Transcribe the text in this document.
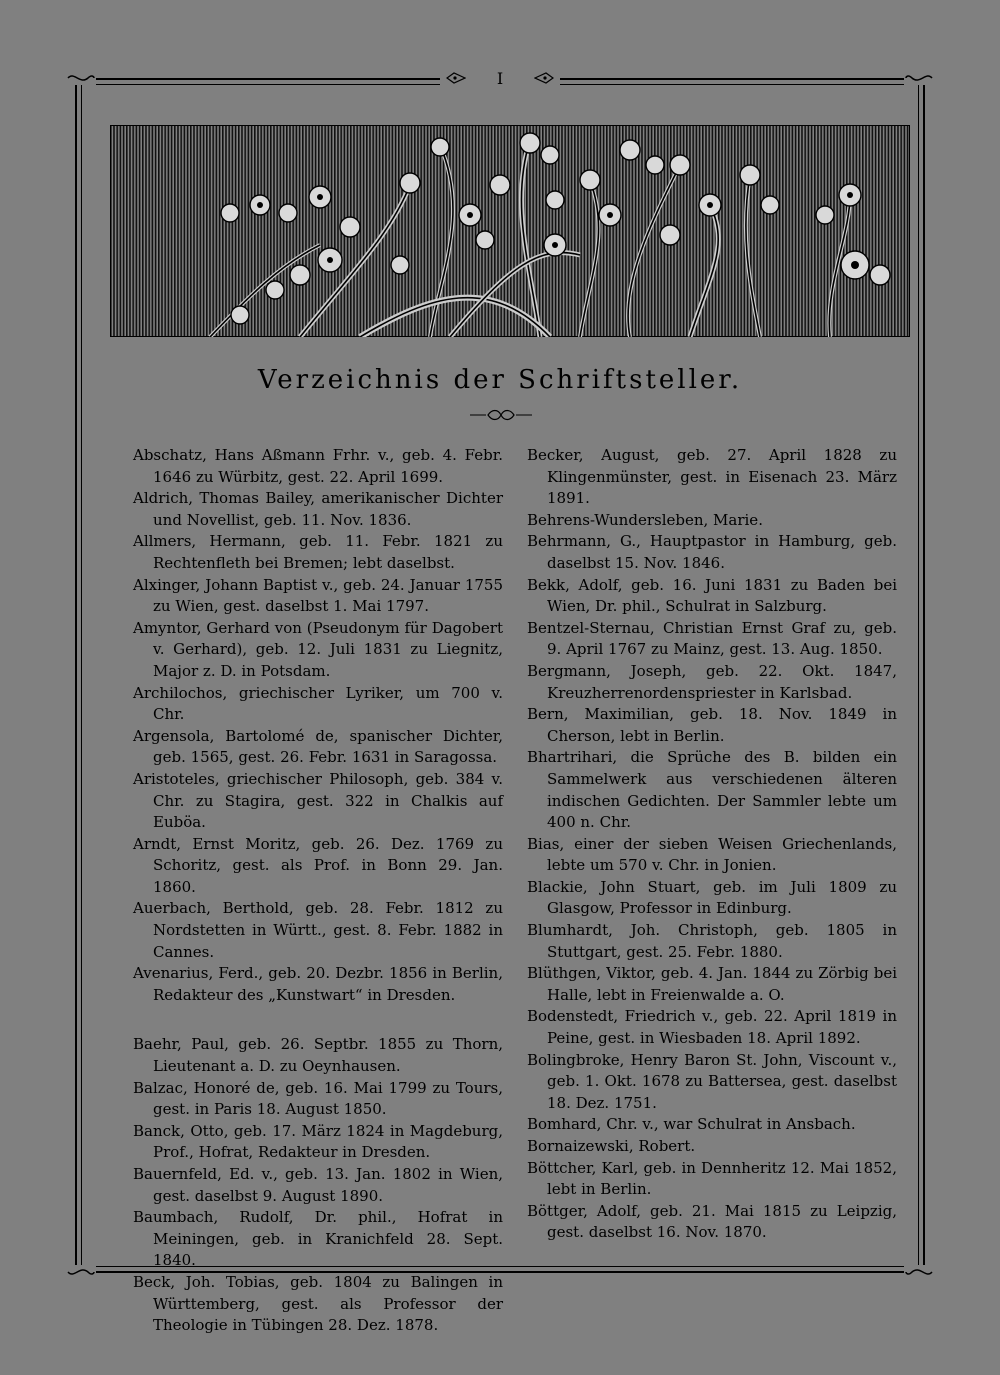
I
Verzeichnis der Schriftsteller.

Abschatz, Hans Aßmann Frhr. v., geb. 4. Febr. 1646 zu Würbitz, gest. 22. April 1699.

Aldrich, Thomas Bailey, amerikanischer Dichter und Novellist, geb. 11. Nov. 1836.

Allmers, Hermann, geb. 11. Febr. 1821 zu Rechtenfleth bei Bremen; lebt daselbst.

Alxinger, Johann Baptist v., geb. 24. Januar 1755 zu Wien, gest. daselbst 1. Mai 1797.

Amyntor, Gerhard von (Pseudonym für Dagobert v. Gerhard), geb. 12. Juli 1831 zu Liegnitz, Major z. D. in Potsdam.

Archilochos, griechischer Lyriker, um 700 v. Chr.

Argensola, Bartolomé de, spanischer Dichter, geb. 1565, gest. 26. Febr. 1631 in Saragossa.

Aristoteles, griechischer Philosoph, geb. 384 v. Chr. zu Stagira, gest. 322 in Chalkis auf Euböa.

Arndt, Ernst Moritz, geb. 26. Dez. 1769 zu Schoritz, gest. als Prof. in Bonn 29. Jan. 1860.

Auerbach, Berthold, geb. 28. Febr. 1812 zu Nordstetten in Württ., gest. 8. Febr. 1882 in Cannes.

Avenarius, Ferd., geb. 20. Dezbr. 1856 in Berlin, Redakteur des „Kunstwart“ in Dresden.

Baehr, Paul, geb. 26. Septbr. 1855 zu Thorn, Lieutenant a. D. zu Oeynhausen.

Balzac, Honoré de, geb. 16. Mai 1799 zu Tours, gest. in Paris 18. August 1850.

Banck, Otto, geb. 17. März 1824 in Magdeburg, Prof., Hofrat, Redakteur in Dresden.

Bauernfeld, Ed. v., geb. 13. Jan. 1802 in Wien, gest. daselbst 9. August 1890.

Baumbach, Rudolf, Dr. phil., Hofrat in Meiningen, geb. in Kranichfeld 28. Sept. 1840.

Beck, Joh. Tobias, geb. 1804 zu Balingen in Württemberg, gest. als Professor der Theologie in Tübingen 28. Dez. 1878.

Becker, August, geb. 27. April 1828 zu Klingenmünster, gest. in Eisenach 23. März 1891.

Behrens-Wundersleben, Marie.

Behrmann, G., Hauptpastor in Hamburg, geb. daselbst 15. Nov. 1846.

Bekk, Adolf, geb. 16. Juni 1831 zu Baden bei Wien, Dr. phil., Schulrat in Salzburg.

Bentzel-Sternau, Christian Ernst Graf zu, geb. 9. April 1767 zu Mainz, gest. 13. Aug. 1850.

Bergmann, Joseph, geb. 22. Okt. 1847, Kreuzherrenordenspriester in Karlsbad.

Bern, Maximilian, geb. 18. Nov. 1849 in Cherson, lebt in Berlin.

Bhartrihari, die Sprüche des B. bilden ein Sammelwerk aus verschiedenen älteren indischen Gedichten. Der Sammler lebte um 400 n. Chr.

Bias, einer der sieben Weisen Griechenlands, lebte um 570 v. Chr. in Jonien.

Blackie, John Stuart, geb. im Juli 1809 zu Glasgow, Professor in Edinburg.

Blumhardt, Joh. Christoph, geb. 1805 in Stuttgart, gest. 25. Febr. 1880.

Blüthgen, Viktor, geb. 4. Jan. 1844 zu Zörbig bei Halle, lebt in Freienwalde a. O.

Bodenstedt, Friedrich v., geb. 22. April 1819 in Peine, gest. in Wiesbaden 18. April 1892.

Bolingbroke, Henry Baron St. John, Viscount v., geb. 1. Okt. 1678 zu Battersea, gest. daselbst 18. Dez. 1751.

Bomhard, Chr. v., war Schulrat in Ansbach.

Bornaizewski, Robert.

Böttcher, Karl, geb. in Dennheritz 12. Mai 1852, lebt in Berlin.

Böttger, Adolf, geb. 21. Mai 1815 zu Leipzig, gest. daselbst 16. Nov. 1870.
